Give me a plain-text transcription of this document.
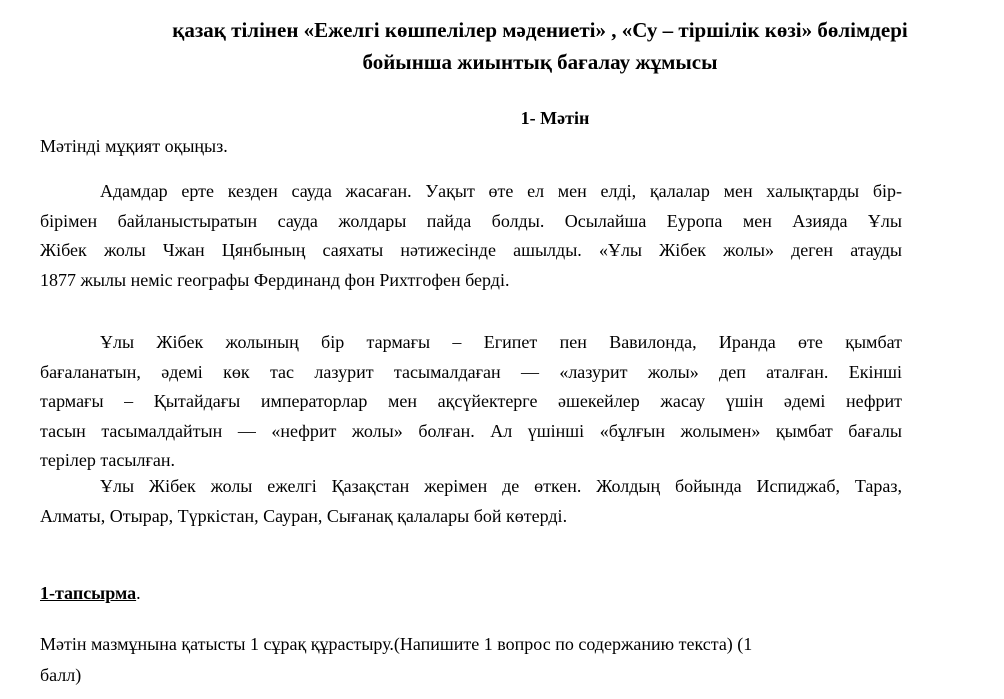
қазақ тілінен «Ежелгі көшпелілер мәдениеті» , «Су – тіршілік көзі» бөлімдері
бойынша жиынтық бағалау жұмысы
1- Мәтін
Мәтінді мұқият оқыңыз.
Адамдар ерте кезден сауда жасаған. Уақыт өте ел мен елді, қалалар мен халықтарды бір-
бірімен байланыстыратын сауда жолдары пайда болды. Осылайша Еуропа мен Азияда Ұлы
Жібек жолы Чжан Цянбының саяхаты нәтижесінде ашылды. «Ұлы Жібек жолы» деген атауды
1877 жылы неміс географы Фердинанд фон Рихтгофен берді.
Ұлы Жібек жолының бір тармағы – Египет пен Вавилонда, Иранда өте қымбат
бағаланатын, әдемі көк тас лазурит тасымалдаған — «лазурит жолы» деп аталған. Екінші
тармағы – Қытайдағы императорлар мен ақсүйектерге әшекейлер жасау үшін әдемі нефрит
тасын тасымалдайтын — «нефрит жолы» болған. Ал үшінші «бұлғын жолымен» қымбат бағалы
терілер тасылған.
Ұлы Жібек жолы ежелгі Қазақстан жерімен де өткен. Жолдың бойында Испиджаб, Тараз,
Алматы, Отырар, Түркістан, Сауран, Сығанақ қалалары бой көтерді.
1-тапсырма.
Мәтін мазмұнына қатысты 1 сұрақ құрастыру.(Напишите 1 вопрос по содержанию текста) (1
балл)
